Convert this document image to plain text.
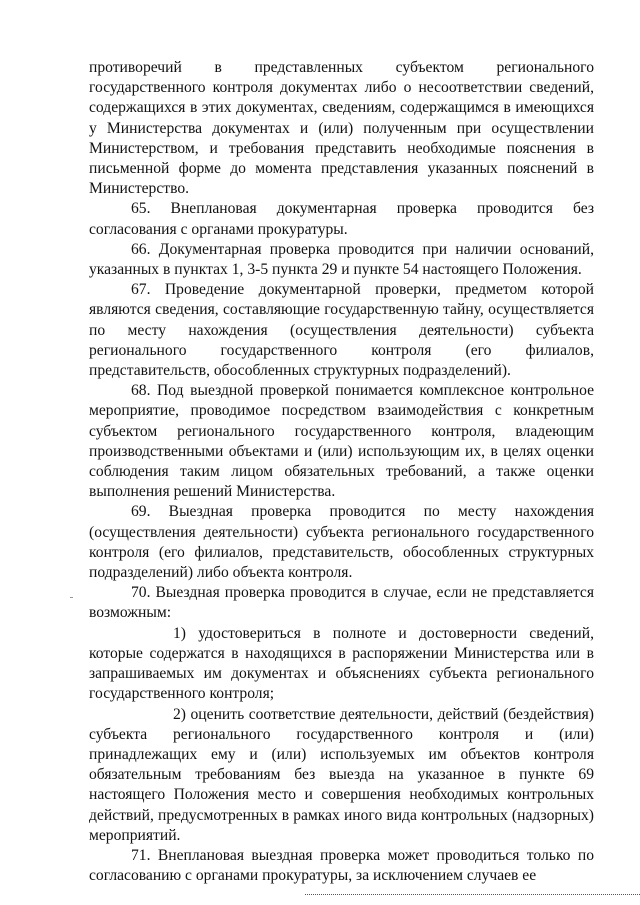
противоречий в представленных субъектом регионального государственного контроля документах либо о несоответствии сведений, содержащихся в этих документах, сведениям, содержащимся в имеющихся у Министерства документах и (или) полученным при осуществлении Министерством, и требования представить необходимые пояснения в письменной форме до момента представления указанных пояснений в Министерство.

65. Внеплановая документарная проверка проводится без согласования с органами прокуратуры.

66. Документарная проверка проводится при наличии оснований, указанных в пунктах 1, 3-5 пункта 29 и пункте 54 настоящего Положения.

67. Проведение документарной проверки, предметом которой являются сведения, составляющие государственную тайну, осуществляется по месту нахождения (осуществления деятельности) субъекта регионального государственного контроля (его филиалов, представительств, обособленных структурных подразделений).

68. Под выездной проверкой понимается комплексное контрольное мероприятие, проводимое посредством взаимодействия с конкретным субъектом регионального государственного контроля, владеющим производственными объектами и (или) использующим их, в целях оценки соблюдения таким лицом обязательных требований, а также оценки выполнения решений Министерства.

69. Выездная проверка проводится по месту нахождения (осуществления деятельности) субъекта регионального государственного контроля (его филиалов, представительств, обособленных структурных подразделений) либо объекта контроля.

70. Выездная проверка проводится в случае, если не представляется возможным:

1) удостовериться в полноте и достоверности сведений, которые содержатся в находящихся в распоряжении Министерства или в запрашиваемых им документах и объяснениях субъекта регионального государственного контроля;

2) оценить соответствие деятельности, действий (бездействия) субъекта регионального государственного контроля и (или) принадлежащих ему и (или) используемых им объектов контроля обязательным требованиям без выезда на указанное в пункте 69 настоящего Положения место и совершения необходимых контрольных действий, предусмотренных в рамках иного вида контрольных (надзорных) мероприятий.

71. Внеплановая выездная проверка может проводиться только по согласованию с органами прокуратуры, за исключением случаев ее
